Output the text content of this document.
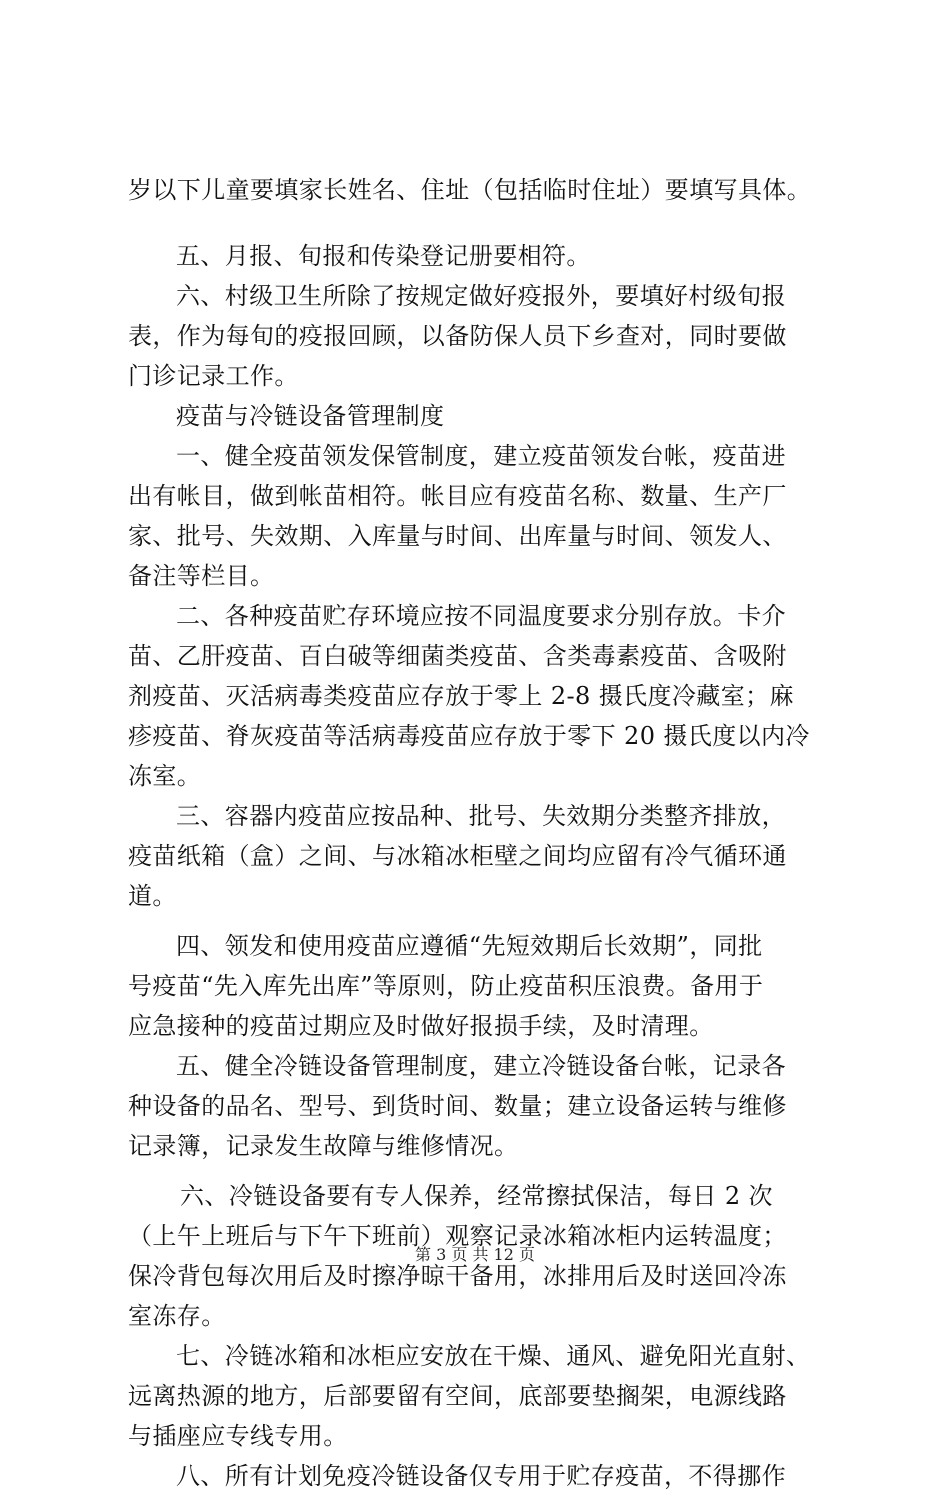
岁以下儿童要填家长姓名、住址（包括临时住址）要填写具体。
五、月报、旬报和传染登记册要相符。
六、村级卫生所除了按规定做好疫报外，要填好村级旬报
表，作为每旬的疫报回顾，以备防保人员下乡查对，同时要做
门诊记录工作。
疫苗与冷链设备管理制度
一、健全疫苗领发保管制度，建立疫苗领发台帐，疫苗进
出有帐目，做到帐苗相符。帐目应有疫苗名称、数量、生产厂
家、批号、失效期、入库量与时间、出库量与时间、领发人、
备注等栏目。
二、各种疫苗贮存环境应按不同温度要求分别存放。卡介
苗、乙肝疫苗、百白破等细菌类疫苗、含类毒素疫苗、含吸附
剂疫苗、灭活病毒类疫苗应存放于零上 2-8 摄氏度冷藏室；麻
疹疫苗、脊灰疫苗等活病毒疫苗应存放于零下 20 摄氏度以内冷
冻室。
三、容器内疫苗应按品种、批号、失效期分类整齐排放，
疫苗纸箱（盒）之间、与冰箱冰柜壁之间均应留有冷气循环通
道。
四、领发和使用疫苗应遵循“先短效期后长效期”，同批
号疫苗“先入库先出库”等原则，防止疫苗积压浪费。备用于
应急接种的疫苗过期应及时做好报损手续，及时清理。
五、健全冷链设备管理制度，建立冷链设备台帐，记录各
种设备的品名、型号、到货时间、数量；建立设备运转与维修
记录簿，记录发生故障与维修情况。
六、冷链设备要有专人保养，经常擦拭保洁，每日 2 次
（上午上班后与下午下班前）观察记录冰箱冰柜内运转温度；
保冷背包每次用后及时擦净晾干备用，冰排用后及时送回冷冻
室冻存。
七、冷链冰箱和冰柜应安放在干燥、通风、避免阳光直射、
远离热源的地方，后部要留有空间，底部要垫搁架，电源线路
与插座应专线专用。
八、所有计划免疫冷链设备仅专用于贮存疫苗，不得挪作
第 3 页 共 12 页
